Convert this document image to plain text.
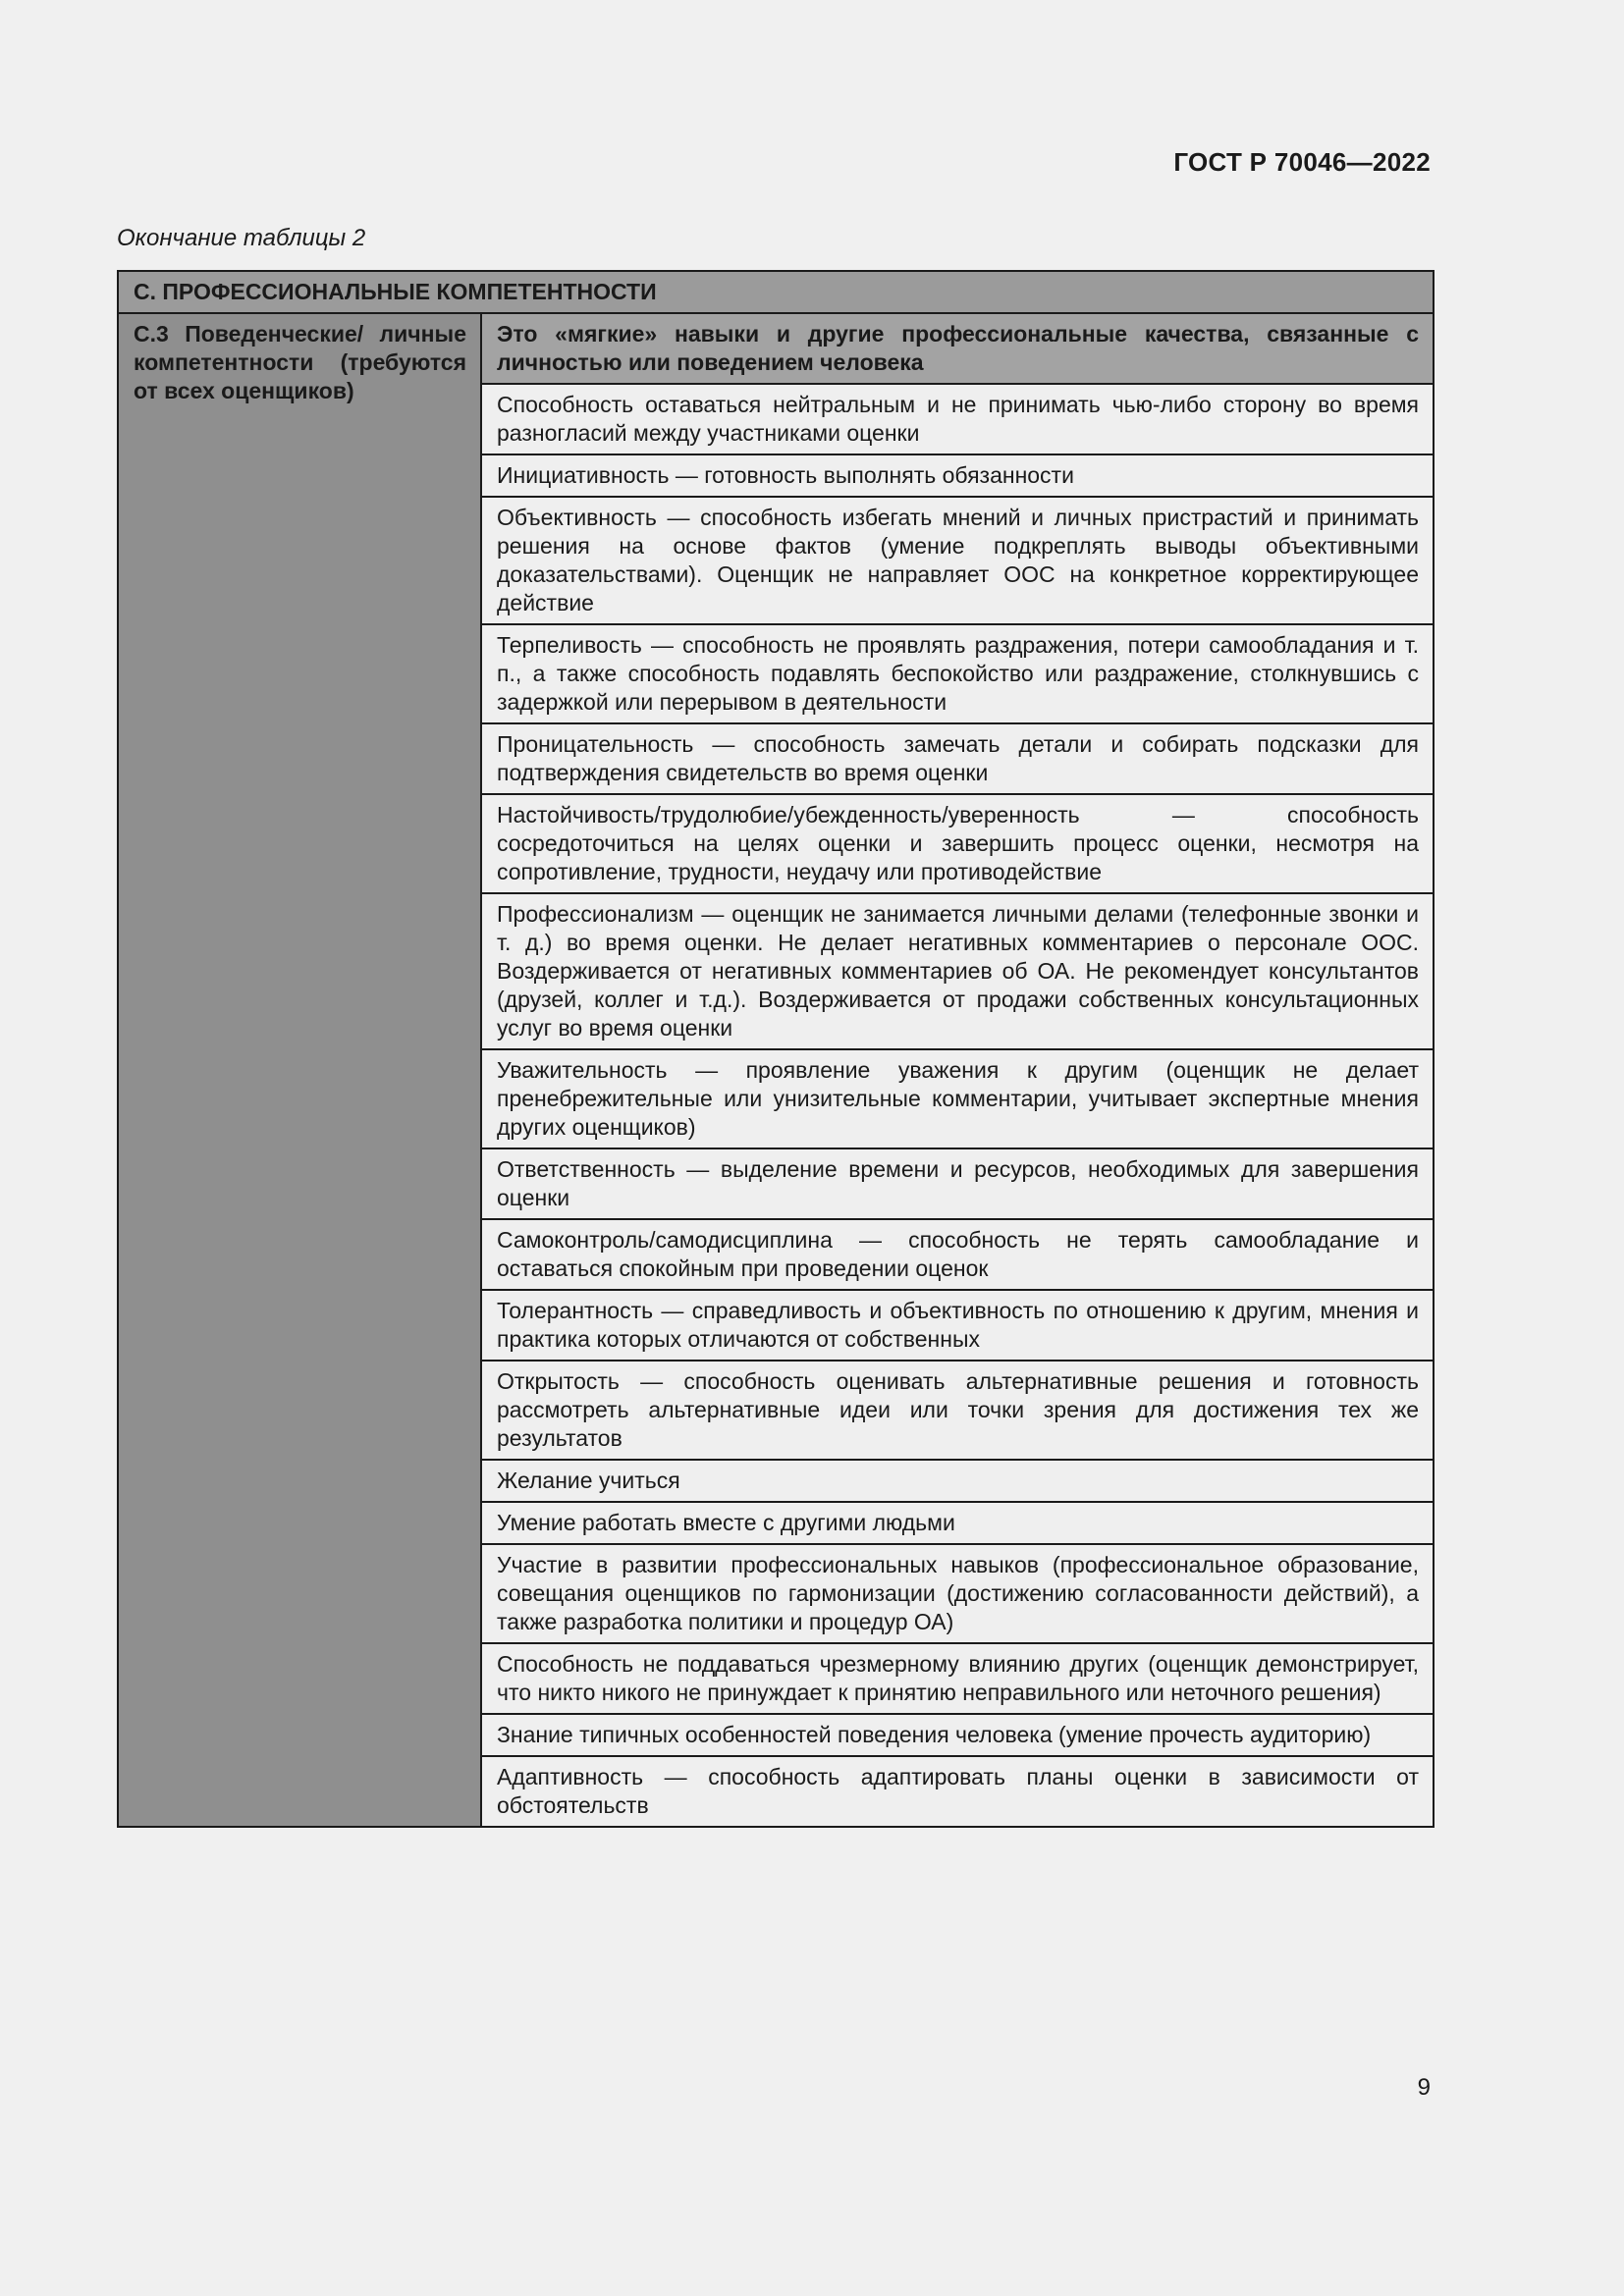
ГОСТ Р 70046—2022
Окончание таблицы 2
С. ПРОФЕССИОНАЛЬНЫЕ КОМПЕТЕНТНОСТИ
С.3 Поведенческие/ личные компетентности (требуются от всех оценщиков)	Это «мягкие» навыки и другие профессиональные качества, связанные с личностью или поведением человека
Способность оставаться нейтральным и не принимать чью-либо сторону во время разногласий между участниками оценки
Инициативность — готовность выполнять обязанности
Объективность — способность избегать мнений и личных пристрастий и принимать решения на основе фактов (умение подкреплять выводы объективными доказательствами). Оценщик не направляет ООС на конкретное корректирующее действие
Терпеливость — способность не проявлять раздражения, потери самообладания и т. п., а также способность подавлять беспокойство или раздражение, столкнувшись с задержкой или перерывом в деятельности
Проницательность — способность замечать детали и собирать подсказки для подтверждения свидетельств во время оценки
Настойчивость/трудолюбие/убежденность/уверенность — способность сосредоточиться на целях оценки и завершить процесс оценки, несмотря на сопротивление, трудности, неудачу или противодействие
Профессионализм — оценщик не занимается личными делами (телефонные звонки и т. д.) во время оценки. Не делает негативных комментариев о персонале ООС. Воздерживается от негативных комментариев об ОА. Не рекомендует консультантов (друзей, коллег и т.д.). Воздерживается от продажи собственных консультационных услуг во время оценки
Уважительность — проявление уважения к другим (оценщик не делает пренебрежительные или унизительные комментарии, учитывает экспертные мнения других оценщиков)
Ответственность — выделение времени и ресурсов, необходимых для завершения оценки
Самоконтроль/самодисциплина — способность не терять самообладание и оставаться спокойным при проведении оценок
Толерантность — справедливость и объективность по отношению к другим, мнения и практика которых отличаются от собственных
Открытость — способность оценивать альтернативные решения и готовность рассмотреть альтернативные идеи или точки зрения для достижения тех же результатов
Желание учиться
Умение работать вместе с другими людьми
Участие в развитии профессиональных навыков (профессиональное образование, совещания оценщиков по гармонизации (достижению согласованности действий), а также разработка политики и процедур ОА)
Способность не поддаваться чрезмерному влиянию других (оценщик демонстрирует, что никто никого не принуждает к принятию неправильного или неточного решения)
Знание типичных особенностей поведения человека (умение прочесть аудиторию)
Адаптивность — способность адаптировать планы оценки в зависимости от обстоятельств
9
